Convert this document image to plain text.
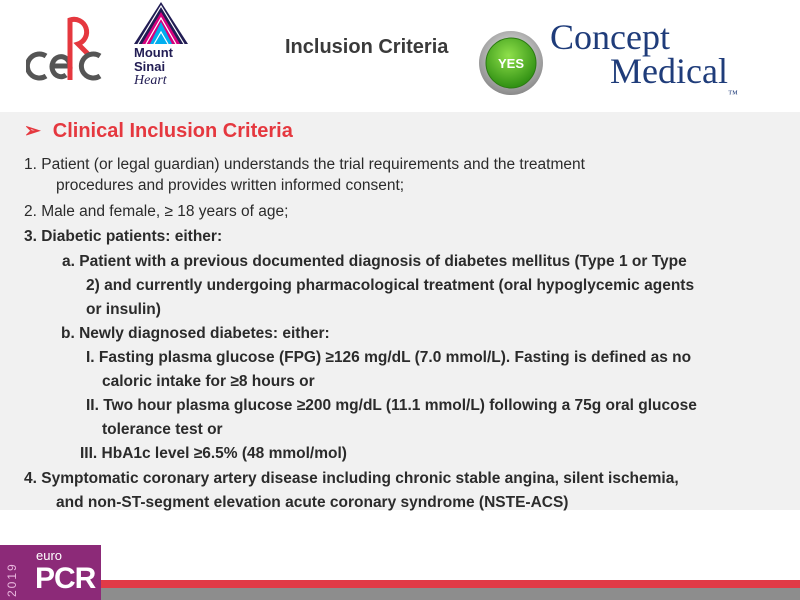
Mount
Sinai
Heart
Inclusion Criteria
YES
Concept
Medical™
➢ Clinical Inclusion Criteria
1. Patient (or legal guardian) understands the trial requirements and the treatment
procedures and provides written informed consent;
2. Male and female, ≥ 18 years of age;
3. Diabetic patients: either:
a. Patient with a previous documented diagnosis of diabetes mellitus (Type 1 or Type
2) and currently undergoing pharmacological treatment (oral hypoglycemic agents
or insulin)
b. Newly diagnosed diabetes: either:
I. Fasting plasma glucose (FPG) ≥126 mg/dL (7.0 mmol/L). Fasting is defined as no
caloric intake for ≥8 hours or
II. Two hour plasma glucose ≥200 mg/dL (11.1 mmol/L) following a 75g oral glucose
tolerance test or
III. HbA1c level ≥6.5% (48 mmol/mol)
4. Symptomatic coronary artery disease including chronic stable angina, silent ischemia,
and non-ST-segment elevation acute coronary syndrome (NSTE-ACS)
2019
euro
PCR
